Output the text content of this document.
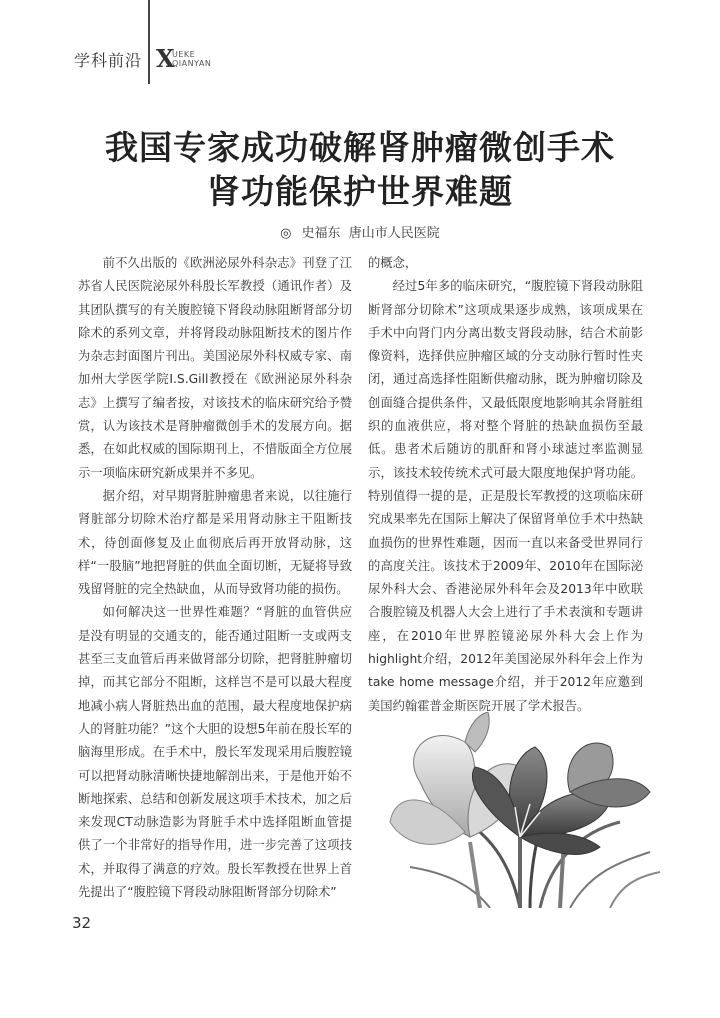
学科前沿 X
UEKE
QIANYAN
我国专家成功破解肾肿瘤微创手术
肾功能保护世界难题
◎ 史福东 唐山市人民医院

前不久出版的《欧洲泌尿外科杂志》刊登了江苏省人民医院泌尿外科殷长军教授（通讯作者）及其团队撰写的有关腹腔镜下肾段动脉阻断肾部分切除术的系列文章，并将肾段动脉阻断技术的图片作为杂志封面图片刊出。美国泌尿外科权威专家、南加州大学医学院I.S.Gill教授在《欧洲泌尿外科杂志》上撰写了编者按，对该技术的临床研究给予赞赏，认为该技术是肾肿瘤微创手术的发展方向。据悉，在如此权威的国际期刊上，不惜版面全方位展示一项临床研究新成果并不多见。

据介绍，对早期肾脏肿瘤患者来说，以往施行肾脏部分切除术治疗都是采用肾动脉主干阻断技术，待创面修复及止血彻底后再开放肾动脉，这样“一股脑”地把肾脏的供血全面切断，无疑将导致残留肾脏的完全热缺血，从而导致肾功能的损伤。

如何解决这一世界性难题？“肾脏的血管供应是没有明显的交通支的，能否通过阻断一支或两支甚至三支血管后再来做肾部分切除，把肾脏肿瘤切掉，而其它部分不阻断，这样岂不是可以最大程度地减小病人肾脏热出血的范围，最大程度地保护病人的肾脏功能？”这个大胆的设想5年前在殷长军的脑海里形成。在手术中，殷长军发现采用后腹腔镜可以把肾动脉清晰快捷地解剖出来，于是他开始不断地探索、总结和创新发展这项手术技术，加之后来发现CT动脉造影为肾脏手术中选择阻断血管提供了一个非常好的指导作用，进一步完善了这项技术，并取得了满意的疗效。殷长军教授在世界上首先提出了“腹腔镜下肾段动脉阻断肾部分切除术”

的概念，

经过5年多的临床研究，“腹腔镜下肾段动脉阻断肾部分切除术”这项成果逐步成熟，该项成果在手术中向肾门内分离出数支肾段动脉，结合术前影像资料，选择供应肿瘤区域的分支动脉行暂时性夹闭，通过高选择性阻断供瘤动脉，既为肿瘤切除及创面缝合提供条件，又最低限度地影响其余肾脏组织的血液供应，将对整个肾脏的热缺血损伤至最低。患者术后随访的肌酐和肾小球滤过率监测显示，该技术较传统术式可最大限度地保护肾功能。特别值得一提的是，正是殷长军教授的这项临床研究成果率先在国际上解决了保留肾单位手术中热缺血损伤的世界性难题，因而一直以来备受世界同行的高度关注。该技术于2009年、2010年在国际泌尿外科大会、香港泌尿外科年会及2013年中欧联合腹腔镜及机器人大会上进行了手术表演和专题讲座，在2010年世界腔镜泌尿外科大会上作为highlight介绍，2012年美国泌尿外科年会上作为take home message介绍，并于2012年应邀到美国约翰霍普金斯医院开展了学术报告。

32
